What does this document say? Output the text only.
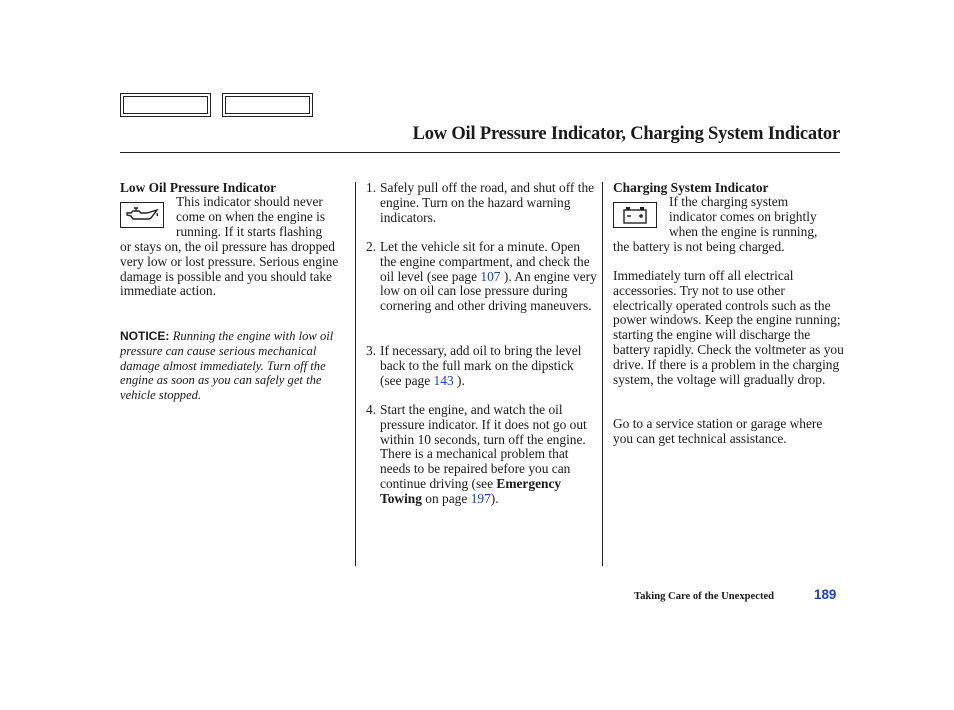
Low Oil Pressure Indicator, Charging System Indicator
Low Oil Pressure Indicator
This indicator should never
come on when the engine is
running. If it starts flashing
or stays on, the oil pressure has dropped very low or lost pressure. Serious engine damage is possible and you should take immediate action.
NOTICE: Running the engine with low oil pressure can cause serious mechanical damage almost immediately. Turn off the engine as soon as you can safely get the vehicle stopped.
1. Safely pull off the road, and shut off the engine. Turn on the hazard warning indicators.
2. Let the vehicle sit for a minute. Open the engine compartment, and check the oil level (see page 107 ). An engine very low on oil can lose pressure during cornering and other driving maneuvers.
3. If necessary, add oil to bring the level back to the full mark on the dipstick (see page 143 ).
4. Start the engine, and watch the oil pressure indicator. If it does not go out within 10 seconds, turn off the engine. There is a mechanical problem that needs to be repaired before you can continue driving (see Emergency Towing on page 197).
Charging System Indicator
If the charging system
indicator comes on brightly
when the engine is running,
the battery is not being charged.
Immediately turn off all electrical accessories. Try not to use other electrically operated controls such as the power windows. Keep the engine running; starting the engine will discharge the battery rapidly. Check the voltmeter as you drive. If there is a problem in the charging system, the voltage will gradually drop.
Go to a service station or garage where you can get technical assistance.
Taking Care of the Unexpected	189
